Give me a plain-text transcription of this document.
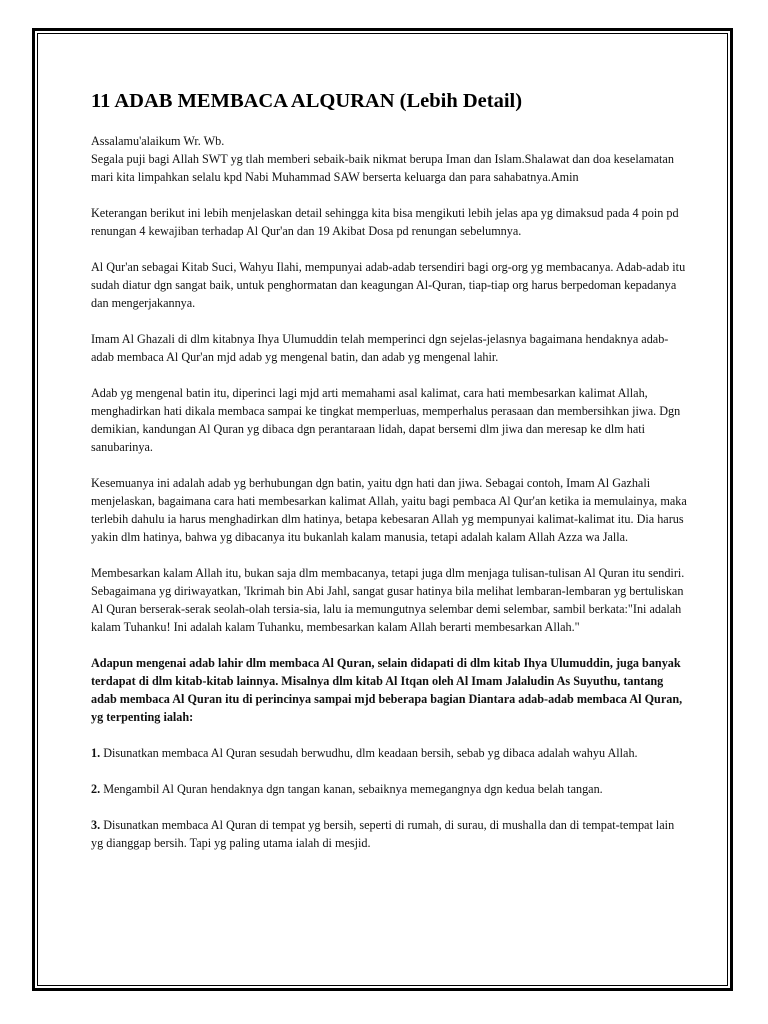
11 ADAB MEMBACA ALQURAN (Lebih Detail)

Assalamu'alaikum Wr. Wb.
Segala puji bagi Allah SWT yg tlah memberi sebaik-baik nikmat berupa Iman dan Islam.Shalawat dan doa keselamatan mari kita limpahkan selalu kpd Nabi Muhammad SAW berserta keluarga dan para sahabatnya.Amin

Keterangan berikut ini lebih menjelaskan detail sehingga kita bisa mengikuti lebih jelas apa yg dimaksud pada 4 poin pd renungan 4 kewajiban terhadap Al Qur'an dan 19 Akibat Dosa pd renungan sebelumnya.

Al Qur'an sebagai Kitab Suci, Wahyu Ilahi, mempunyai adab-adab tersendiri bagi org-org yg membacanya. Adab-adab itu sudah diatur dgn sangat baik, untuk penghormatan dan keagungan Al-Quran, tiap-tiap org harus berpedoman kepadanya dan mengerjakannya.

Imam Al Ghazali di dlm kitabnya Ihya Ulumuddin telah memperinci dgn sejelas-jelasnya bagaimana hendaknya adab-adab membaca Al Qur'an mjd adab yg mengenal batin, dan adab yg mengenal lahir.

Adab yg mengenal batin itu, diperinci lagi mjd arti memahami asal kalimat, cara hati membesarkan kalimat Allah, menghadirkan hati dikala membaca sampai ke tingkat memperluas, memperhalus perasaan dan membersihkan jiwa. Dgn demikian, kandungan Al Quran yg dibaca dgn perantaraan lidah, dapat bersemi dlm jiwa dan meresap ke dlm hati sanubarinya.

Kesemuanya ini adalah adab yg berhubungan dgn batin, yaitu dgn hati dan jiwa. Sebagai contoh, Imam Al Gazhali menjelaskan, bagaimana cara hati membesarkan kalimat Allah, yaitu bagi pembaca Al Qur'an ketika ia memulainya, maka terlebih dahulu ia harus menghadirkan dlm hatinya, betapa kebesaran Allah yg mempunyai kalimat-kalimat itu. Dia harus yakin dlm hatinya, bahwa yg dibacanya itu bukanlah kalam manusia, tetapi adalah kalam Allah Azza wa Jalla.

Membesarkan kalam Allah itu, bukan saja dlm membacanya, tetapi juga dlm menjaga tulisan-tulisan Al Quran itu sendiri. Sebagaimana yg diriwayatkan, 'Ikrimah bin Abi Jahl, sangat gusar hatinya bila melihat lembaran-lembaran yg bertuliskan Al Quran berserak-serak seolah-olah tersia-sia, lalu ia memungutnya selembar demi selembar, sambil berkata:"Ini adalah kalam Tuhanku! Ini adalah kalam Tuhanku, membesarkan kalam Allah berarti membesarkan Allah."

Adapun mengenai adab lahir dlm membaca Al Quran, selain didapati di dlm kitab Ihya Ulumuddin, juga banyak terdapat di dlm kitab-kitab lainnya. Misalnya dlm kitab Al Itqan oleh Al Imam Jalaludin As Suyuthu, tantang adab membaca Al Quran itu di perincinya sampai mjd beberapa bagian Diantara adab-adab membaca Al Quran, yg terpenting ialah:

1. Disunatkan membaca Al Quran sesudah berwudhu, dlm keadaan bersih, sebab yg dibaca adalah wahyu Allah.
2. Mengambil Al Quran hendaknya dgn tangan kanan, sebaiknya memegangnya dgn kedua belah tangan.
3. Disunatkan membaca Al Quran di tempat yg bersih, seperti di rumah, di surau, di mushalla dan di tempat-tempat lain yg dianggap bersih. Tapi yg paling utama ialah di mesjid.
